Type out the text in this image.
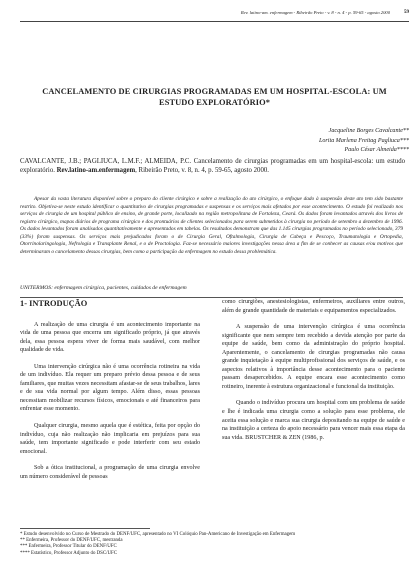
Rev. latino-am. enfermagem - Ribeirão Preto - v. 8 - n. 4 - p. 59-65 - agosto 2000	59
CANCELAMENTO DE CIRURGIAS PROGRAMADAS EM UM HOSPITAL-ESCOLA: UM ESTUDO EXPLORATÓRIO*
Jacqueline Borges Cavalcante**
Lorita Marlena Freitag Pagliuca***
Paulo César Almeida****
CAVALCANTE, J.B.; PAGLIUCA, L.M.F.; ALMEIDA, P.C. Cancelamento de cirurgias programadas em um hospital-escola: um estudo exploratório. Rev.latino-am.enfermagem, Ribeirão Preto, v. 8, n. 4, p. 59-65, agosto 2000.
Apesar da vasta literatura disponível sobre o preparo do cliente cirúrgico e sobre a realização do ato cirúrgico, o enfoque dado à suspensão deste ato tem sido bastante restrito. Objetiva-se neste estudo identificar o quantitativo de cirurgias programadas e suspensas e os serviços mais afetados por esse acontecimento. O estudo foi realizado nos serviços de cirurgia de um hospital público de ensino, de grande porte, localizado na região metropolitana de Fortaleza, Ceará. Os dados foram levantados através dos livros de registro cirúrgico, mapas diários de programa cirúrgico e dos prontuários de clientes selecionados para serem submetidos à cirurgia no período de setembro a dezembro de 1996. Os dados levantados foram analisados quantitativamente e apresentados em tabelas. Os resultados demonstram que das 1.145 cirurgias programadas no período selecionado, 379 (33%) foram suspensas. Os serviços mais prejudicados foram o de Cirurgia Geral, Oftalmologia, Cirurgia de Cabeça e Pescoço, Traumatologia e Ortopedia, Otorrinolaringologia, Nefrologia e Transplante Renal, e o de Proctologia. Faz-se necessário maiores investigações nessa área a fim de se conhecer as causas e/ou motivos que determinaram o cancelamento dessas cirurgias, bem como a participação da enfermagem no estudo dessa problemática.
UNITERMOS: enfermagem cirúrgica, pacientes, cuidados de enfermagem
1- INTRODUÇÃO

A realização de uma cirurgia é um acontecimento importante na vida de uma pessoa que encerra um significado próprio, já que através dela, essa pessoa espera viver de forma mais saudável, com melhor qualidade de vida.

Uma intervenção cirúrgica não é uma ocorrência rotineira na vida de um indivíduo. Ela requer um preparo prévio dessa pessoa e de seus familiares, que muitas vezes necessitam afastar-se de seus trabalhos, lares e de sua vida normal por algum tempo. Além disso, essas pessoas necessitam mobilizar recursos físicos, emocionais e até financeiros para enfrentar esse momento.

Qualquer cirurgia, mesmo aquela que é estética, feita por opção do indivíduo, cuja não realização não implicaria em prejuízos para sua saúde, tem importante significado e pode interferir com seu estado emocional.

Sob a ótica institucional, a programação de uma cirurgia envolve um número considerável de pessoas

como cirurgiões, anestesiologistas, enfermeiros, auxiliares entre outros, além de grande quantidade de materiais e equipamentos especializados.

A suspensão de uma intervenção cirúrgica é uma ocorrência significante que nem sempre tem recebido a devida atenção por parte da equipe de saúde, bem como da administração do próprio hospital. Aparentemente, o cancelamento de cirurgias programadas não causa grande inquietação à equipe multiprofissional dos serviços de saúde, e os aspectos relativos à importância desse acontecimento para o paciente passam desapercebidos. A equipe encara esse acontecimento como rotineiro, inerente à estrutura organizacional e funcional da instituição.

Quando o indivíduo procura um hospital com um problema de saúde e lhe é indicada uma cirurgia como a solução para esse problema, ele aceita essa solução e marca sua cirurgia depositando na equipe de saúde e na instituição a certeza do apoio necessário para vencer mais essa etapa da sua vida. BRUSTCHER & ZEN (1986, p.

* Estudo desenvolvido no Curso de Mestrado do DENF/UFC, apresentado no VI Colóquio Pan-Americano de Investigação em Enfermagem
** Enfermeira, Professor do DENF/UFC, mestranda
*** Enfermeira, Professor Titular do DENF/UFC
**** Estatístico, Professor Adjunto do DSC/UFC
